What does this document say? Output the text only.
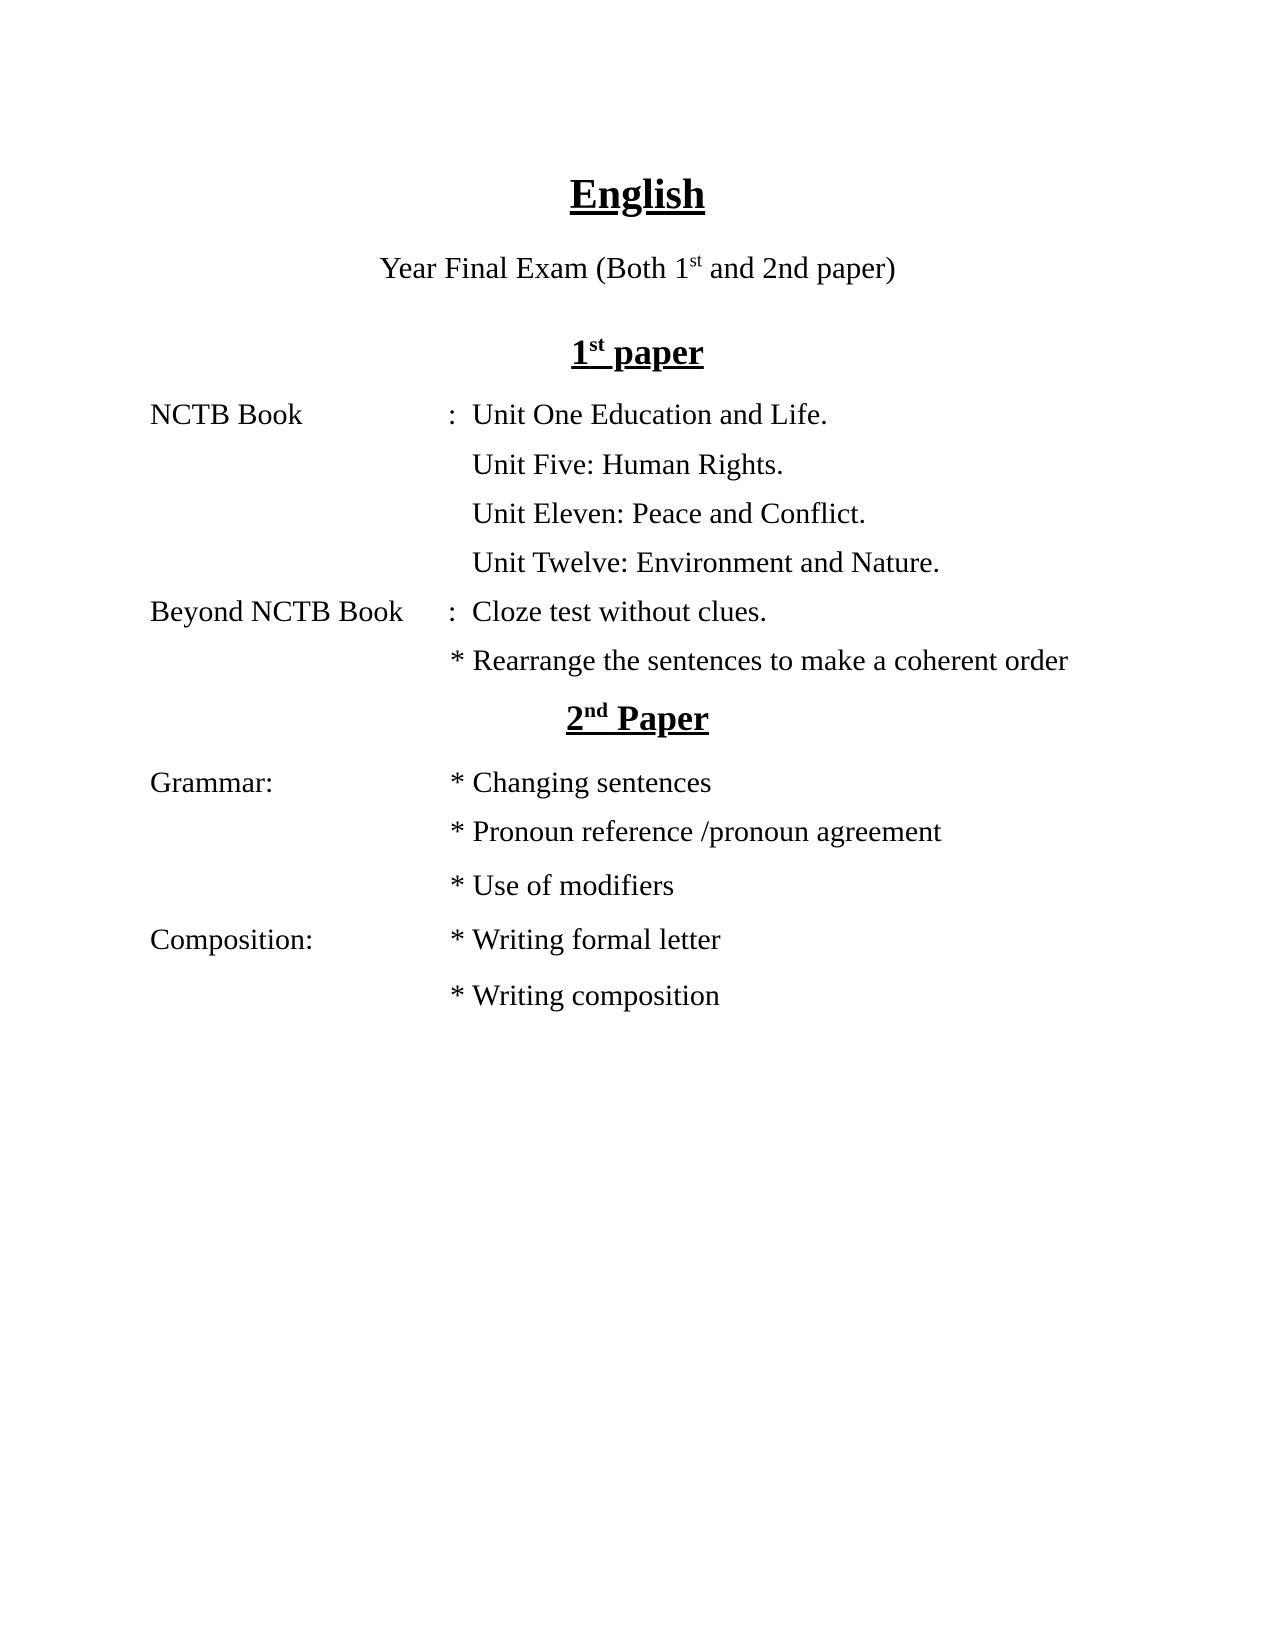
English

Year Final Exam (Both 1st and 2nd paper)

1st paper
NCTB Book	: Unit One Education and Life.
Unit Five: Human Rights.
Unit Eleven: Peace and Conflict.
Unit Twelve: Environment and Nature.
Beyond NCTB Book : Cloze test without clues.
* Rearrange the sentences to make a coherent order
2nd Paper
Grammar:	* Changing sentences
* Pronoun reference /pronoun agreement
* Use of modifiers
Composition:	* Writing formal letter
* Writing composition
